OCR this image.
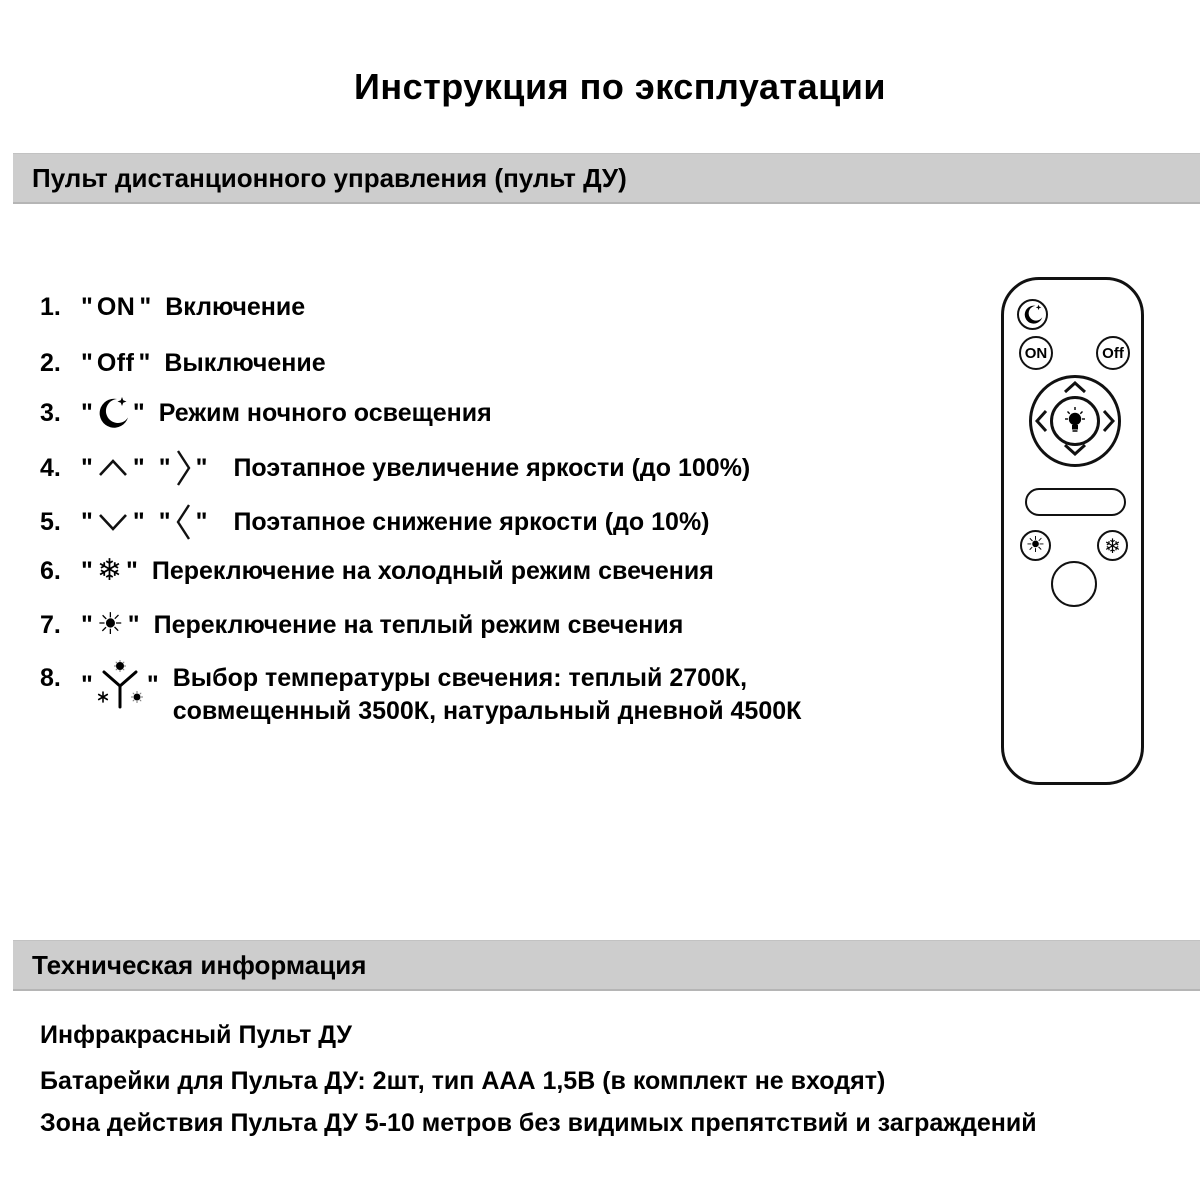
Инструкция по эксплуатации
Пульт дистанционного управления (пульт ДУ)
1. " ON " Включение
2. " Off " Выключение
3. " " Режим ночного освещения
4. " " " " Поэтапное увеличение яркости (до 100%)
5. " " " " Поэтапное снижение яркости (до 10%)
6. " ❄ " Переключение на холодный режим свечения
7. " ☀ " Переключение на теплый режим свечения
8. " " Выбор температуры свечения: теплый 2700К,
совмещенный 3500К, натуральный дневной 4500К
ON	Off
☀	❄
Техническая информация
Инфракрасный Пульт ДУ
Батарейки для Пульта ДУ: 2шт, тип ААА 1,5В (в комплект не входят)
Зона действия Пульта ДУ 5-10 метров без видимых препятствий и заграждений
